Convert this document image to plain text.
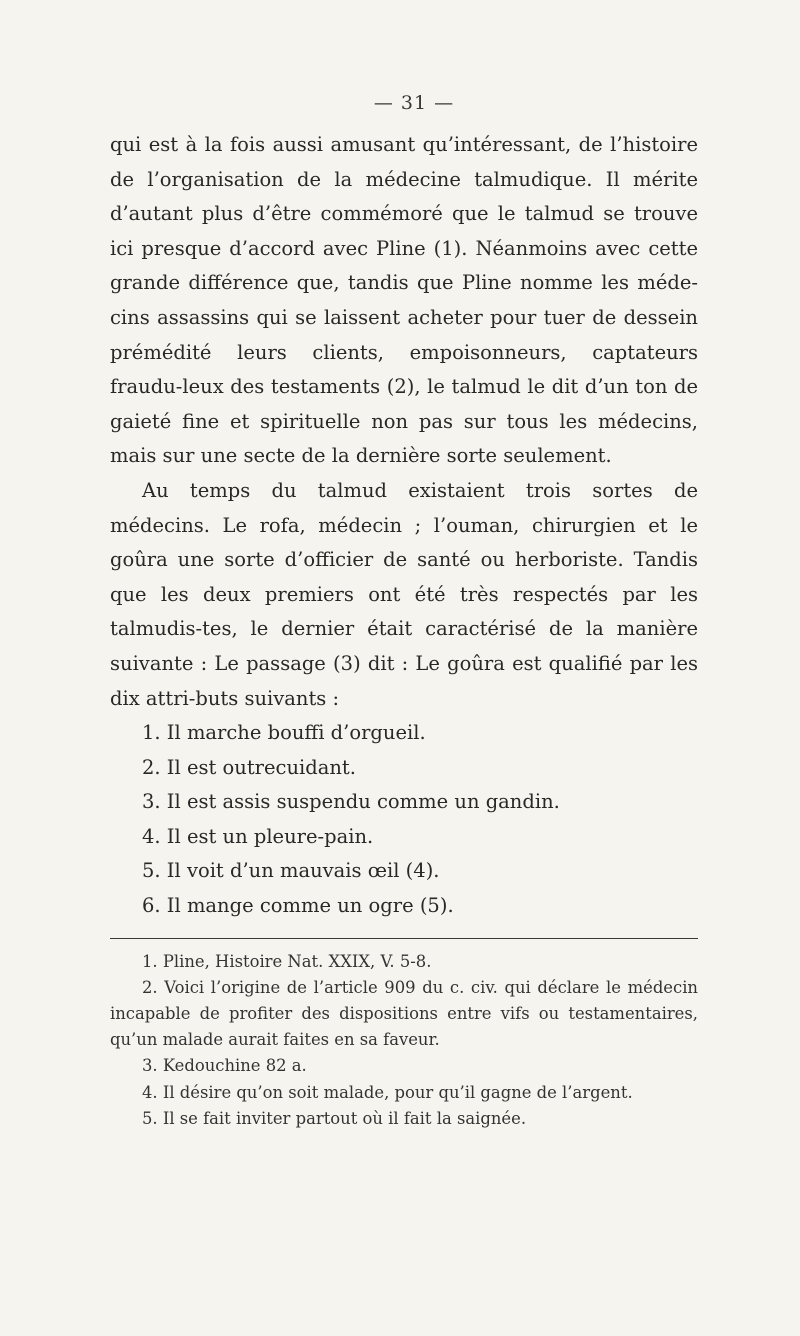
— 31 —

qui est à la fois aussi amusant qu’intéressant, de l’histoire de l’organisation de la médecine talmudique. Il mérite d’autant plus d’être commémoré que le talmud se trouve ici presque d’accord avec Pline (1). Néanmoins avec cette grande différence que, tandis que Pline nomme les méde-cins assassins qui se laissent acheter pour tuer de dessein prémédité leurs clients, empoisonneurs, captateurs fraudu-leux des testaments (2), le talmud le dit d’un ton de gaieté fine et spirituelle non pas sur tous les médecins, mais sur une secte de la dernière sorte seulement.

Au temps du talmud existaient trois sortes de médecins. Le rofa, médecin ; l’ouman, chirurgien et le goûra une sorte d’officier de santé ou herboriste. Tandis que les deux premiers ont été très respectés par les talmudis-tes, le dernier était caractérisé de la manière suivante : Le passage (3) dit : Le goûra est qualifié par les dix attri-buts suivants :

1. Il marche bouffi d’orgueil.
2. Il est outrecuidant.
3. Il est assis suspendu comme un gandin.
4. Il est un pleure-pain.
5. Il voit d’un mauvais œil (4).
6. Il mange comme un ogre (5).

1. Pline, Histoire Nat. XXIX, V. 5-8.

2. Voici l’origine de l’article 909 du c. civ. qui déclare le médecin incapable de profiter des dispositions entre vifs ou testamentaires, qu’un malade aurait faites en sa faveur.

3. Kedouchine 82 a.

4. Il désire qu’on soit malade, pour qu’il gagne de l’argent.

5. Il se fait inviter partout où il fait la saignée.
